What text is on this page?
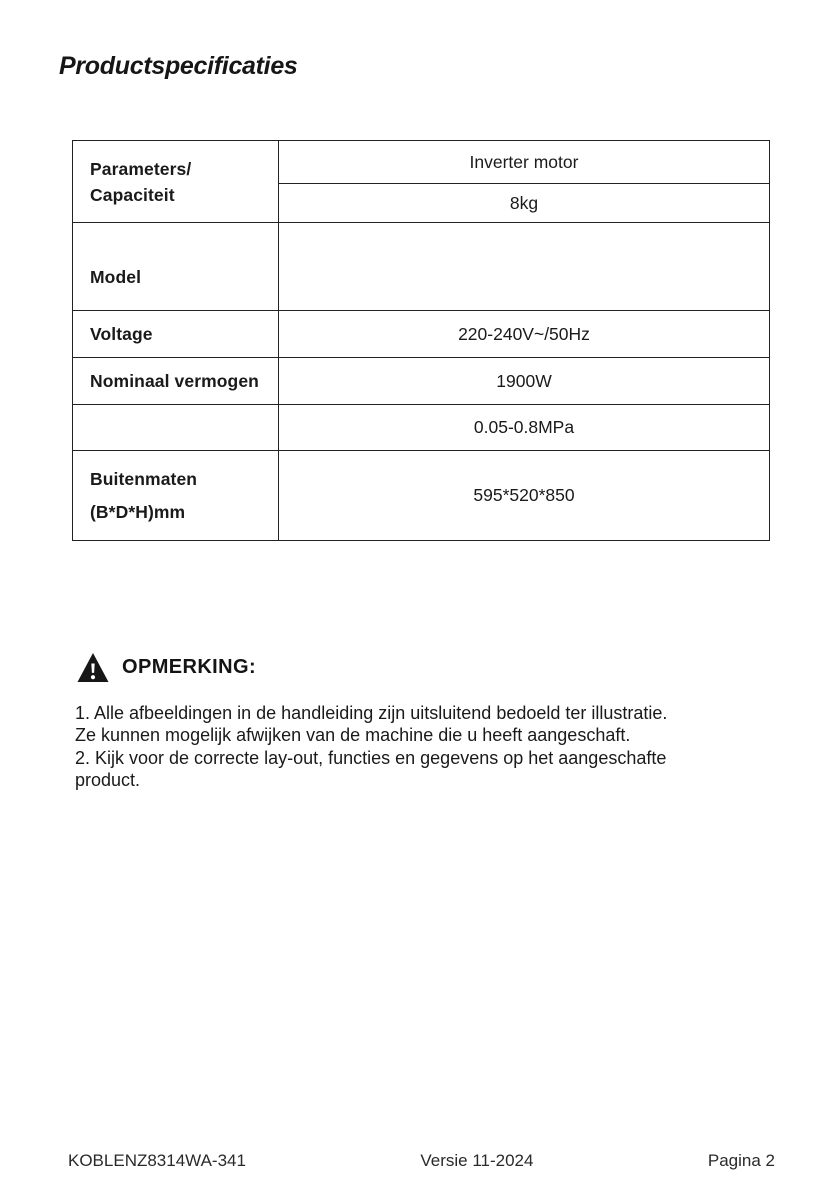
Productspecificaties
Parameters/
Capaciteit	Inverter motor
	8kg
Model	
Voltage	220-240V~/50Hz
Nominaal vermogen	1900W
	0.05-0.8MPa

Buitenmaten
(B*D*H)mm	595*520*850
OPMERKING:
1. Alle afbeeldingen in de handleiding zijn uitsluitend bedoeld ter illustratie.
Ze kunnen mogelijk afwijken van de machine die u heeft aangeschaft.
2. Kijk voor de correcte lay-out, functies en gegevens op het aangeschafte
product.
KOBLENZ8314WA-341	Versie 11-2024	Pagina 2
